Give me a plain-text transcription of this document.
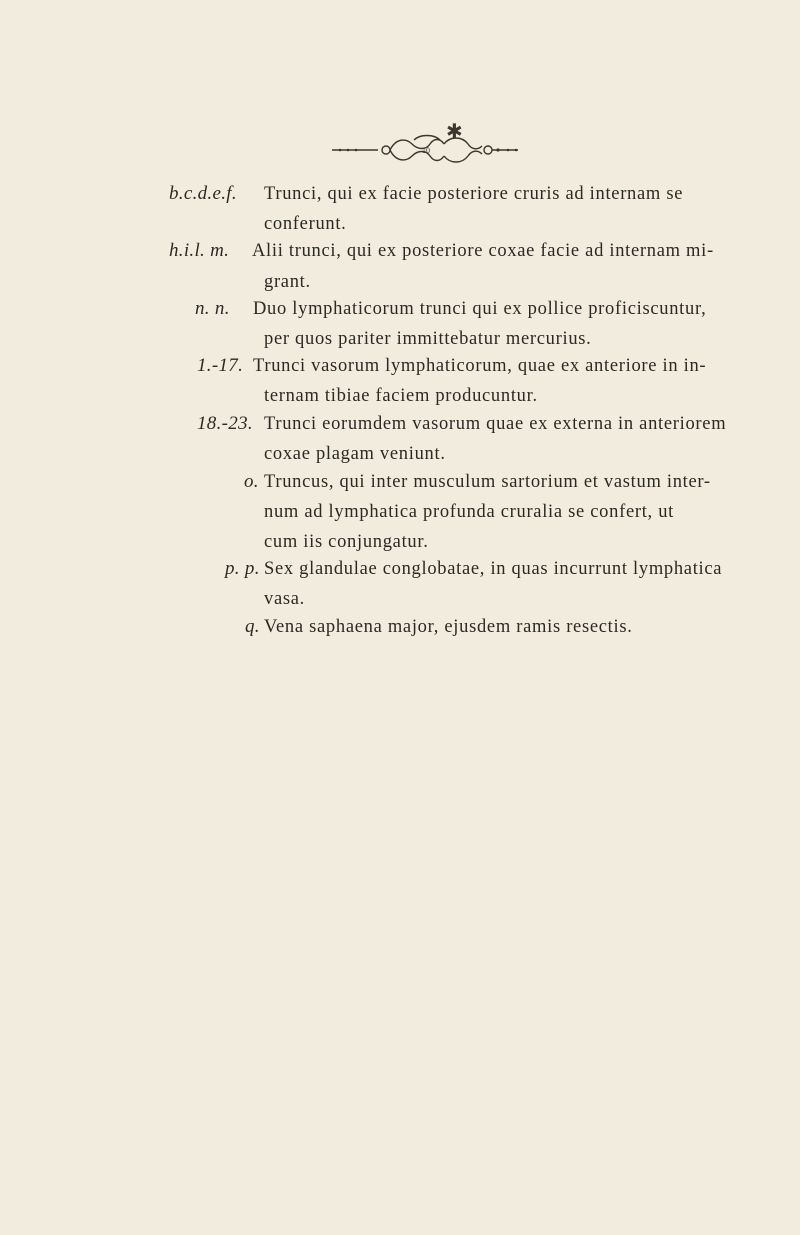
✱
10
b.c.d.e.f. Trunci, qui ex facie posteriore cruris ad internam se
conferunt.
h.i.l. m. Alii trunci, qui ex posteriore coxae facie ad internam mi-
grant.
n. n. Duo lymphaticorum trunci qui ex pollice proficiscuntur,
per quos pariter immittebatur mercurius.
1.-17. Trunci vasorum lymphaticorum, quae ex anteriore in in-
ternam tibiae faciem producuntur.
18.-23. Trunci eorumdem vasorum quae ex externa in anteriorem
coxae plagam veniunt.
o. Truncus, qui inter musculum sartorium et vastum inter-
num ad lymphatica profunda cruralia se confert, ut
cum iis conjungatur.
p. p. Sex glandulae conglobatae, in quas incurrunt lymphatica
vasa.
q. Vena saphaena major, ejusdem ramis resectis.
